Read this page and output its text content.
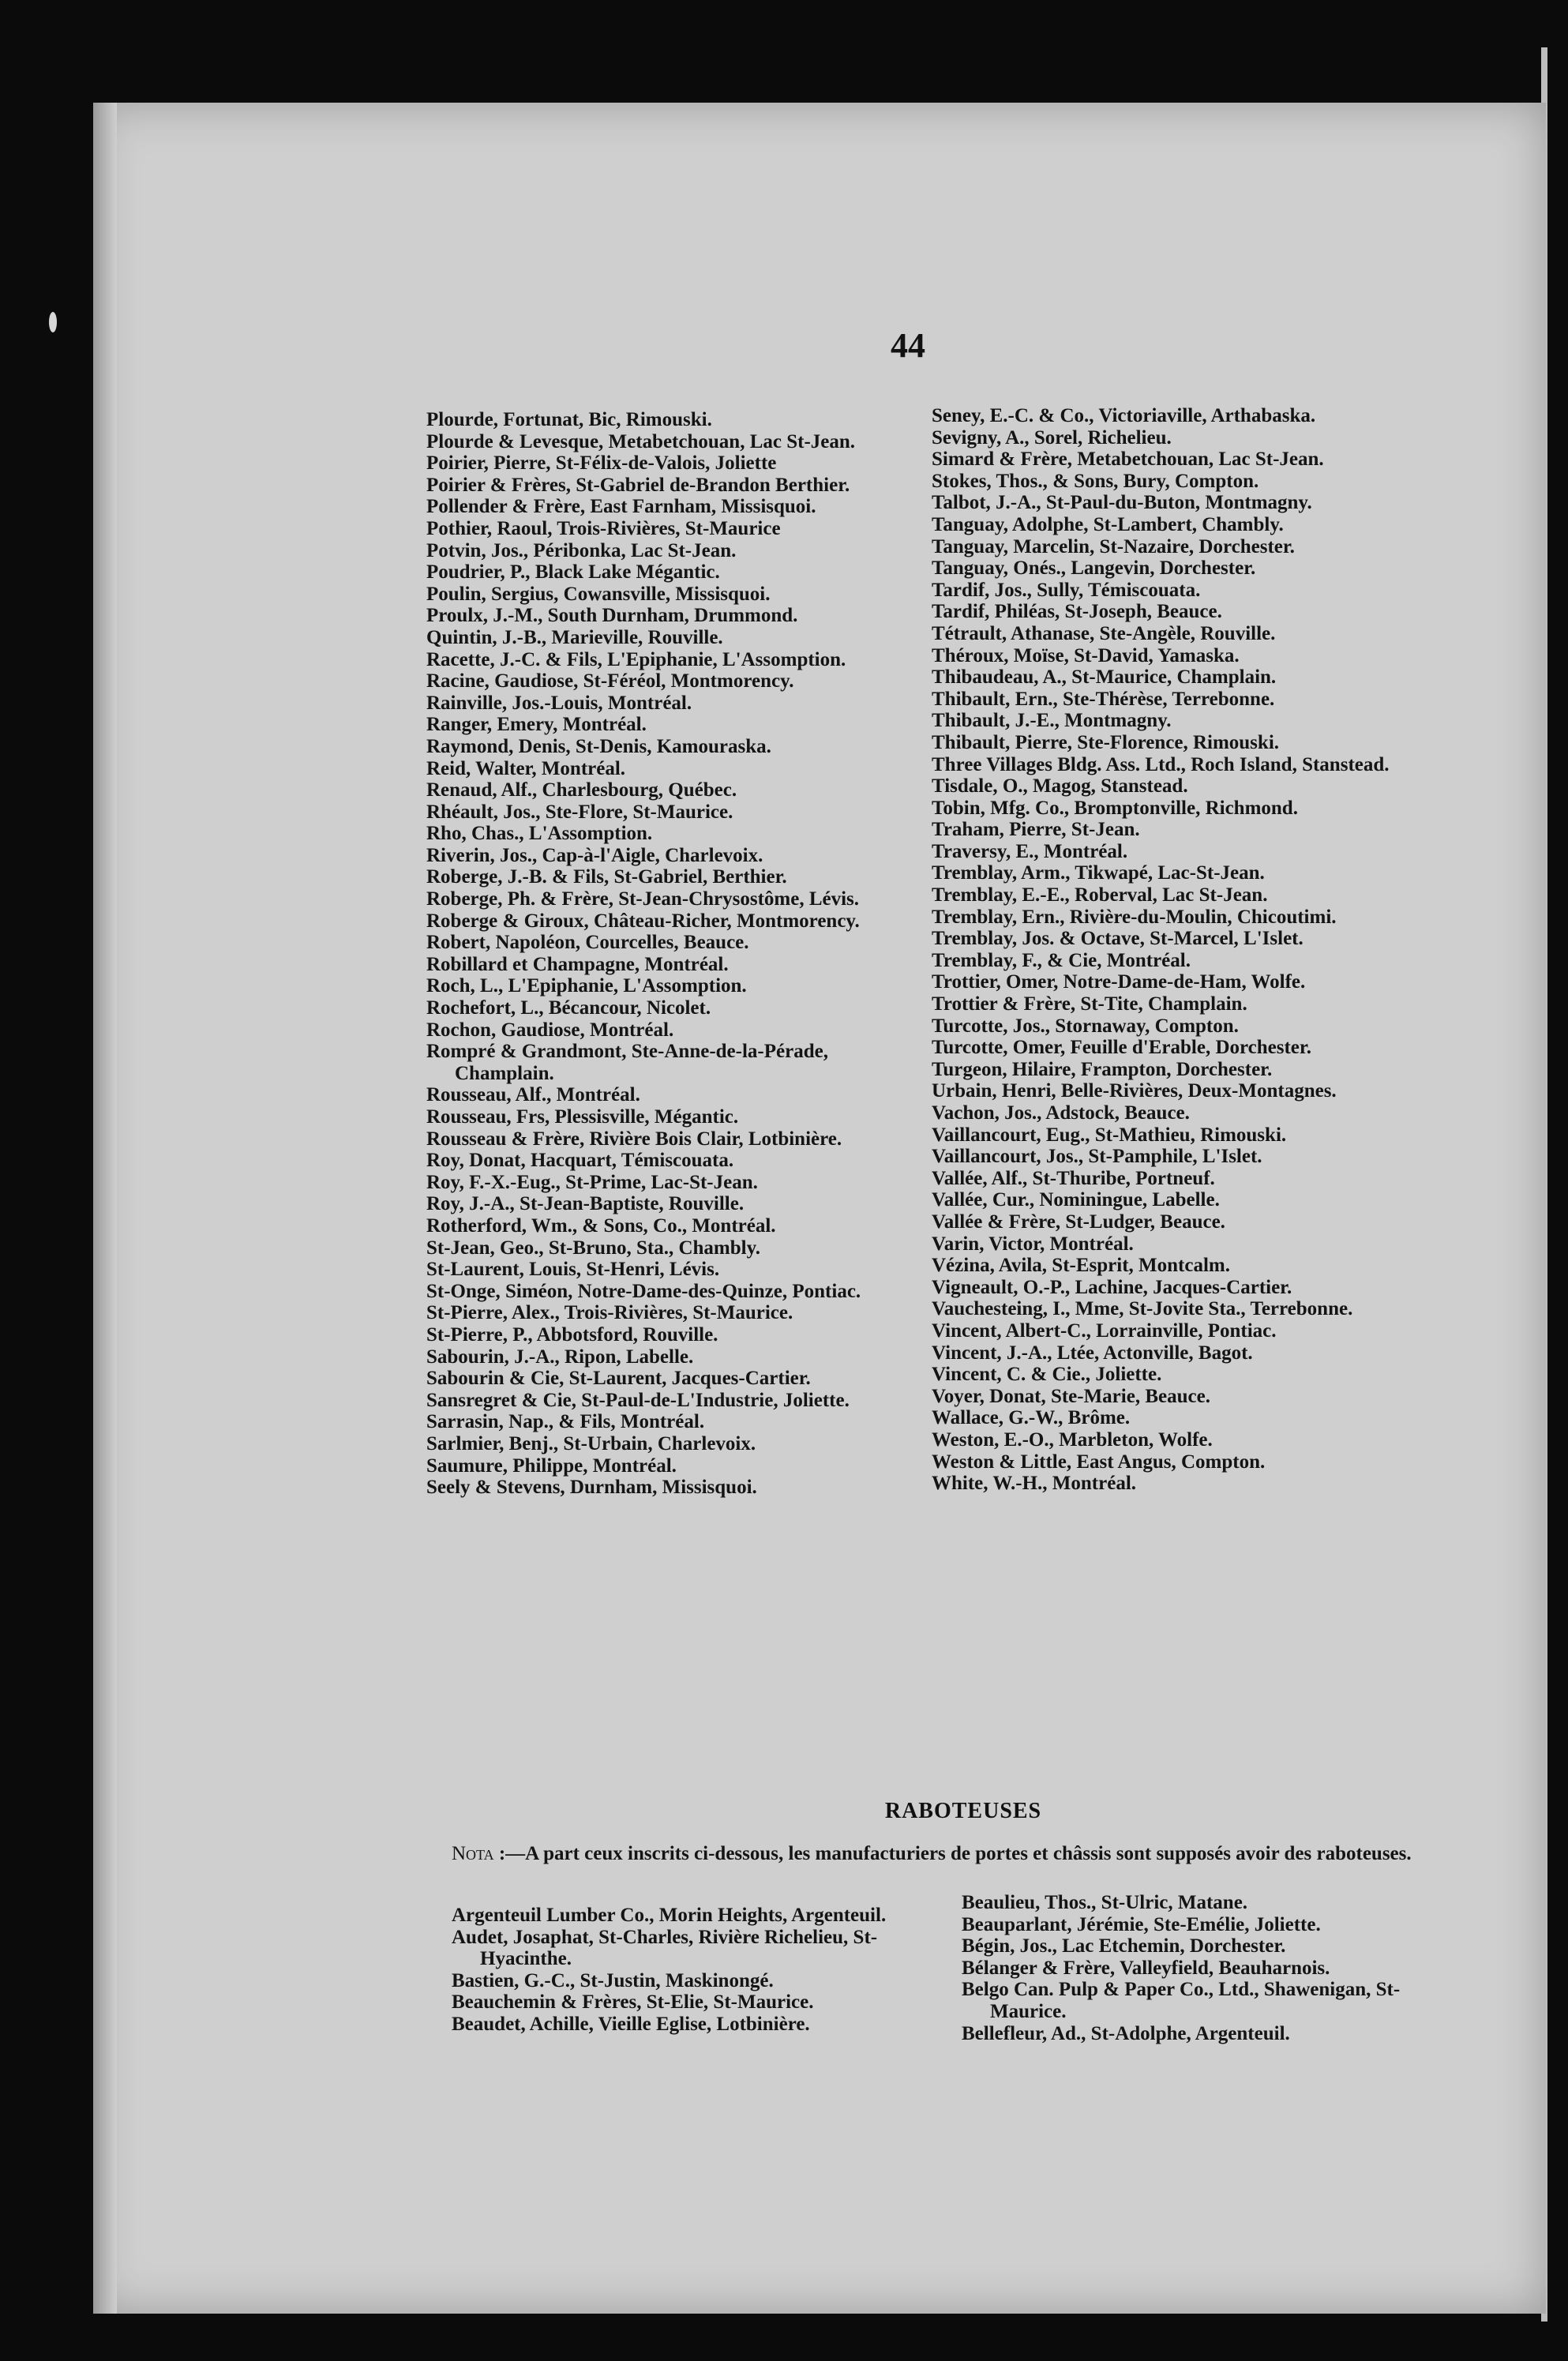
44

Plourde, Fortunat, Bic, Rimouski.

Plourde & Levesque, Metabetchouan, Lac St-Jean.

Poirier, Pierre, St-Félix-de-Valois, Joliette

Poirier & Frères, St-Gabriel de-Brandon Berthier.

Pollender & Frère, East Farnham, Missisquoi.

Pothier, Raoul, Trois-Rivières, St-Maurice

Potvin, Jos., Péribonka, Lac St-Jean.

Poudrier, P., Black Lake Mégantic.

Poulin, Sergius, Cowansville, Missisquoi.

Proulx, J.-M., South Durnham, Drummond.

Quintin, J.-B., Marieville, Rouville.

Racette, J.-C. & Fils, L'Epiphanie, L'Assomption.

Racine, Gaudiose, St-Féréol, Montmorency.

Rainville, Jos.-Louis, Montréal.

Ranger, Emery, Montréal.

Raymond, Denis, St-Denis, Kamouraska.

Reid, Walter, Montréal.

Renaud, Alf., Charlesbourg, Québec.

Rhéault, Jos., Ste-Flore, St-Maurice.

Rho, Chas., L'Assomption.

Riverin, Jos., Cap-à-l'Aigle, Charlevoix.

Roberge, J.-B. & Fils, St-Gabriel, Berthier.

Roberge, Ph. & Frère, St-Jean-Chrysostôme, Lévis.

Roberge & Giroux, Château-Richer, Montmorency.

Robert, Napoléon, Courcelles, Beauce.

Robillard et Champagne, Montréal.

Roch, L., L'Epiphanie, L'Assomption.

Rochefort, L., Bécancour, Nicolet.

Rochon, Gaudiose, Montréal.

Rompré & Grandmont, Ste-Anne-de-la-Pérade, Champlain.

Rousseau, Alf., Montréal.

Rousseau, Frs, Plessisville, Mégantic.

Rousseau & Frère, Rivière Bois Clair, Lotbinière.

Roy, Donat, Hacquart, Témiscouata.

Roy, F.-X.-Eug., St-Prime, Lac-St-Jean.

Roy, J.-A., St-Jean-Baptiste, Rouville.

Rotherford, Wm., & Sons, Co., Montréal.

St-Jean, Geo., St-Bruno, Sta., Chambly.

St-Laurent, Louis, St-Henri, Lévis.

St-Onge, Siméon, Notre-Dame-des-Quinze, Pontiac.

St-Pierre, Alex., Trois-Rivières, St-Maurice.

St-Pierre, P., Abbotsford, Rouville.

Sabourin, J.-A., Ripon, Labelle.

Sabourin & Cie, St-Laurent, Jacques-Cartier.

Sansregret & Cie, St-Paul-de-L'Industrie, Joliette.

Sarrasin, Nap., & Fils, Montréal.

Sarlmier, Benj., St-Urbain, Charlevoix.

Saumure, Philippe, Montréal.

Seely & Stevens, Durnham, Missisquoi.

Seney, E.-C. & Co., Victoriaville, Arthabaska.

Sevigny, A., Sorel, Richelieu.

Simard & Frère, Metabetchouan, Lac St-Jean.

Stokes, Thos., & Sons, Bury, Compton.

Talbot, J.-A., St-Paul-du-Buton, Montmagny.

Tanguay, Adolphe, St-Lambert, Chambly.

Tanguay, Marcelin, St-Nazaire, Dorchester.

Tanguay, Onés., Langevin, Dorchester.

Tardif, Jos., Sully, Témiscouata.

Tardif, Philéas, St-Joseph, Beauce.

Tétrault, Athanase, Ste-Angèle, Rouville.

Théroux, Moïse, St-David, Yamaska.

Thibaudeau, A., St-Maurice, Champlain.

Thibault, Ern., Ste-Thérèse, Terrebonne.

Thibault, J.-E., Montmagny.

Thibault, Pierre, Ste-Florence, Rimouski.

Three Villages Bldg. Ass. Ltd., Roch Island, Stanstead.

Tisdale, O., Magog, Stanstead.

Tobin, Mfg. Co., Bromptonville, Richmond.

Traham, Pierre, St-Jean.

Traversy, E., Montréal.

Tremblay, Arm., Tikwapé, Lac-St-Jean.

Tremblay, E.-E., Roberval, Lac St-Jean.

Tremblay, Ern., Rivière-du-Moulin, Chicoutimi.

Tremblay, Jos. & Octave, St-Marcel, L'Islet.

Tremblay, F., & Cie, Montréal.

Trottier, Omer, Notre-Dame-de-Ham, Wolfe.

Trottier & Frère, St-Tite, Champlain.

Turcotte, Jos., Stornaway, Compton.

Turcotte, Omer, Feuille d'Erable, Dorchester.

Turgeon, Hilaire, Frampton, Dorchester.

Urbain, Henri, Belle-Rivières, Deux-Montagnes.

Vachon, Jos., Adstock, Beauce.

Vaillancourt, Eug., St-Mathieu, Rimouski.

Vaillancourt, Jos., St-Pamphile, L'Islet.

Vallée, Alf., St-Thuribe, Portneuf.

Vallée, Cur., Nominingue, Labelle.

Vallée & Frère, St-Ludger, Beauce.

Varin, Victor, Montréal.

Vézina, Avila, St-Esprit, Montcalm.

Vigneault, O.-P., Lachine, Jacques-Cartier.

Vauchesteing, I., Mme, St-Jovite Sta., Terrebonne.

Vincent, Albert-C., Lorrainville, Pontiac.

Vincent, J.-A., Ltée, Actonville, Bagot.

Vincent, C. & Cie., Joliette.

Voyer, Donat, Ste-Marie, Beauce.

Wallace, G.-W., Brôme.

Weston, E.-O., Marbleton, Wolfe.

Weston & Little, East Angus, Compton.

White, W.-H., Montréal.

RABOTEUSES
Nota :—A part ceux inscrits ci-dessous, les manufacturiers de portes et châssis sont supposés avoir des raboteuses.

Argenteuil Lumber Co., Morin Heights, Argenteuil.

Audet, Josaphat, St-Charles, Rivière Richelieu, St-Hyacinthe.

Bastien, G.-C., St-Justin, Maskinongé.

Beauchemin & Frères, St-Elie, St-Maurice.

Beaudet, Achille, Vieille Eglise, Lotbinière.

Beaulieu, Thos., St-Ulric, Matane.

Beauparlant, Jérémie, Ste-Emélie, Joliette.

Bégin, Jos., Lac Etchemin, Dorchester.

Bélanger & Frère, Valleyfield, Beauharnois.

Belgo Can. Pulp & Paper Co., Ltd., Shawenigan, St-Maurice.

Bellefleur, Ad., St-Adolphe, Argenteuil.
